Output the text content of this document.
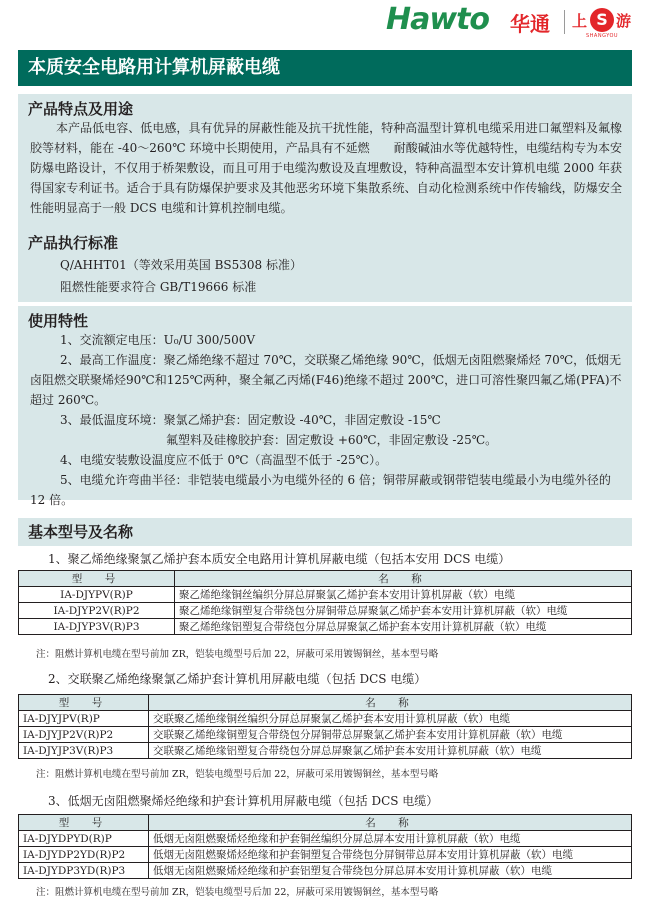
Hawto 华通 上 S 游
SHANGYOU
本质安全电路用计算机屏蔽电缆
产品特点及用途
本产品低电容、低电感，具有优异的屏蔽性能及抗干扰性能，特种高温型计算机电缆采用进口氟塑料及氟橡胶等材料，能在 -40～260℃ 环境中长期使用，产品具有不延燃　　耐酸碱油水等优越特性，电缆结构专为本安防爆电路设计，不仅用于桥架敷设，而且可用于电缆沟敷设及直埋敷设，特种高温型本安计算机电缆 2000 年获得国家专利证书。适合于具有防爆保护要求及其他恶劣环境下集散系统、自动化检测系统中作传输线，防爆安全性能明显高于一般 DCS 电缆和计算机控制电缆。
产品执行标准
Q/AHHT01（等效采用英国 BS5308 标准）
阻燃性能要求符合 GB/T19666 标准
使用特性
1、交流额定电压：U₀/U 300/500V
2、最高工作温度：聚乙烯绝缘不超过 70℃，交联聚乙烯绝缘 90℃，低烟无卤阻燃聚烯烃 70℃，低烟无卤阻燃交联聚烯烃90℃和125℃两种，聚全氟乙丙烯(F46)绝缘不超过 200℃，进口可溶性聚四氟乙烯(PFA)不超过 260℃。
3、最低温度环境：聚氯乙烯护套：固定敷设 -40℃，非固定敷设 -15℃
氟塑料及硅橡胶护套：固定敷设 +60℃，非固定敷设 -25℃。
4、电缆安装敷设温度应不低于 0℃（高温型不低于 -25℃）。
5、电缆允许弯曲半径：非铠装电缆最小为电缆外径的 6 倍；铜带屏蔽或钢带铠装电缆最小为电缆外径的 12 倍。
基本型号及名称
1、聚乙烯绝缘聚氯乙烯护套本质安全电路用计算机屏蔽电缆（包括本安用 DCS 电缆）
型　号	名　称
IA-DJYPV(R)P	聚乙烯绝缘铜丝编织分屏总屏聚氯乙烯护套本安用计算机屏蔽（软）电缆
IA-DJYP2V(R)P2	聚乙烯绝缘铜塑复合带绕包分屏铜带总屏聚氯乙烯护套本安用计算机屏蔽（软）电缆
IA-DJYP3V(R)P3	聚乙烯绝缘铝塑复合带绕包分屏总屏聚氯乙烯护套本安用计算机屏蔽（软）电缆
注：阻燃计算机电缆在型号前加 ZR，铠装电缆型号后加 22，屏蔽可采用镀锡铜丝，基本型号略
2、交联聚乙烯绝缘聚氯乙烯护套计算机用屏蔽电缆（包括 DCS 电缆）
型　号	名　称
IA-DJYJPV(R)P	交联聚乙烯绝缘铜丝编织分屏总屏聚氯乙烯护套本安用计算机屏蔽（软）电缆
IA-DJYJP2V(R)P2	交联聚乙烯绝缘铜塑复合带绕包分屏铜带总屏聚氯乙烯护套本安用计算机屏蔽（软）电缆
IA-DJYJP3V(R)P3	交联聚乙烯绝缘铝塑复合带绕包分屏总屏聚氯乙烯护套本安用计算机屏蔽（软）电缆
注：阻燃计算机电缆在型号前加 ZR，铠装电缆型号后加 22，屏蔽可采用镀锡铜丝，基本型号略
3、低烟无卤阻燃聚烯烃绝缘和护套计算机用屏蔽电缆（包括 DCS 电缆）
型　号	名　称
IA-DJYDPYD(R)P	低烟无卤阻燃聚烯烃绝缘和护套铜丝编织分屏总屏本安用计算机屏蔽（软）电缆
IA-DJYDP2YD(R)P2	低烟无卤阻燃聚烯烃绝缘和护套铜塑复合带绕包分屏铜带总屏本安用计算机屏蔽（软）电缆
IA-DJYDP3YD(R)P3	低烟无卤阻燃聚烯烃绝缘和护套铝塑复合带绕包分屏总屏本安用计算机屏蔽（软）电缆
注：阻燃计算机电缆在型号前加 ZR，铠装电缆型号后加 22，屏蔽可采用镀锡铜丝，基本型号略
